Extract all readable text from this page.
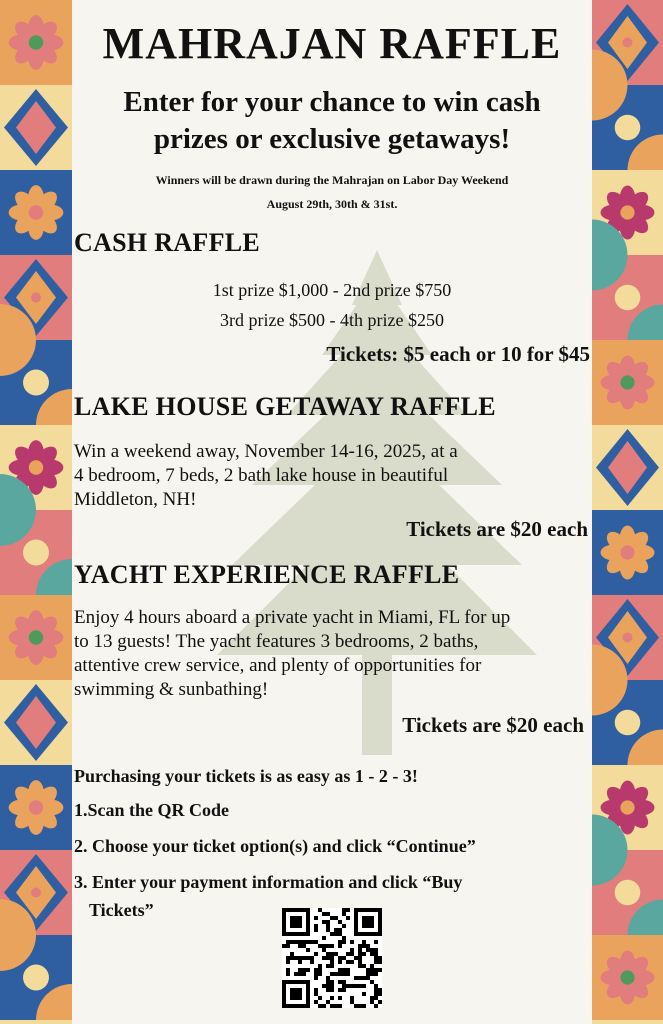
MAHRAJAN RAFFLE
Enter for your chance to win cash
prizes or exclusive getaways!
Winners will be drawn during the Mahrajan on Labor Day Weekend
August 29th, 30th & 31st.
CASH RAFFLE
1st prize $1,000 - 2nd prize $750
3rd prize $500 - 4th prize $250
Tickets: $5 each or 10 for $45
LAKE HOUSE GETAWAY RAFFLE
Win a weekend away, November 14-16, 2025, at a
4 bedroom, 7 beds, 2 bath lake house in beautiful
Middleton, NH!
Tickets are $20 each
YACHT EXPERIENCE RAFFLE
Enjoy 4 hours aboard a private yacht in Miami, FL for up
to 13 guests! The yacht features 3 bedrooms, 2 baths,
attentive crew service, and plenty of opportunities for
swimming & sunbathing!
Tickets are $20 each
Purchasing your tickets is as easy as 1 - 2 - 3!
1.Scan the QR Code
2. Choose your ticket option(s) and click “Continue”
3. Enter your payment information and click “Buy
Tickets”
